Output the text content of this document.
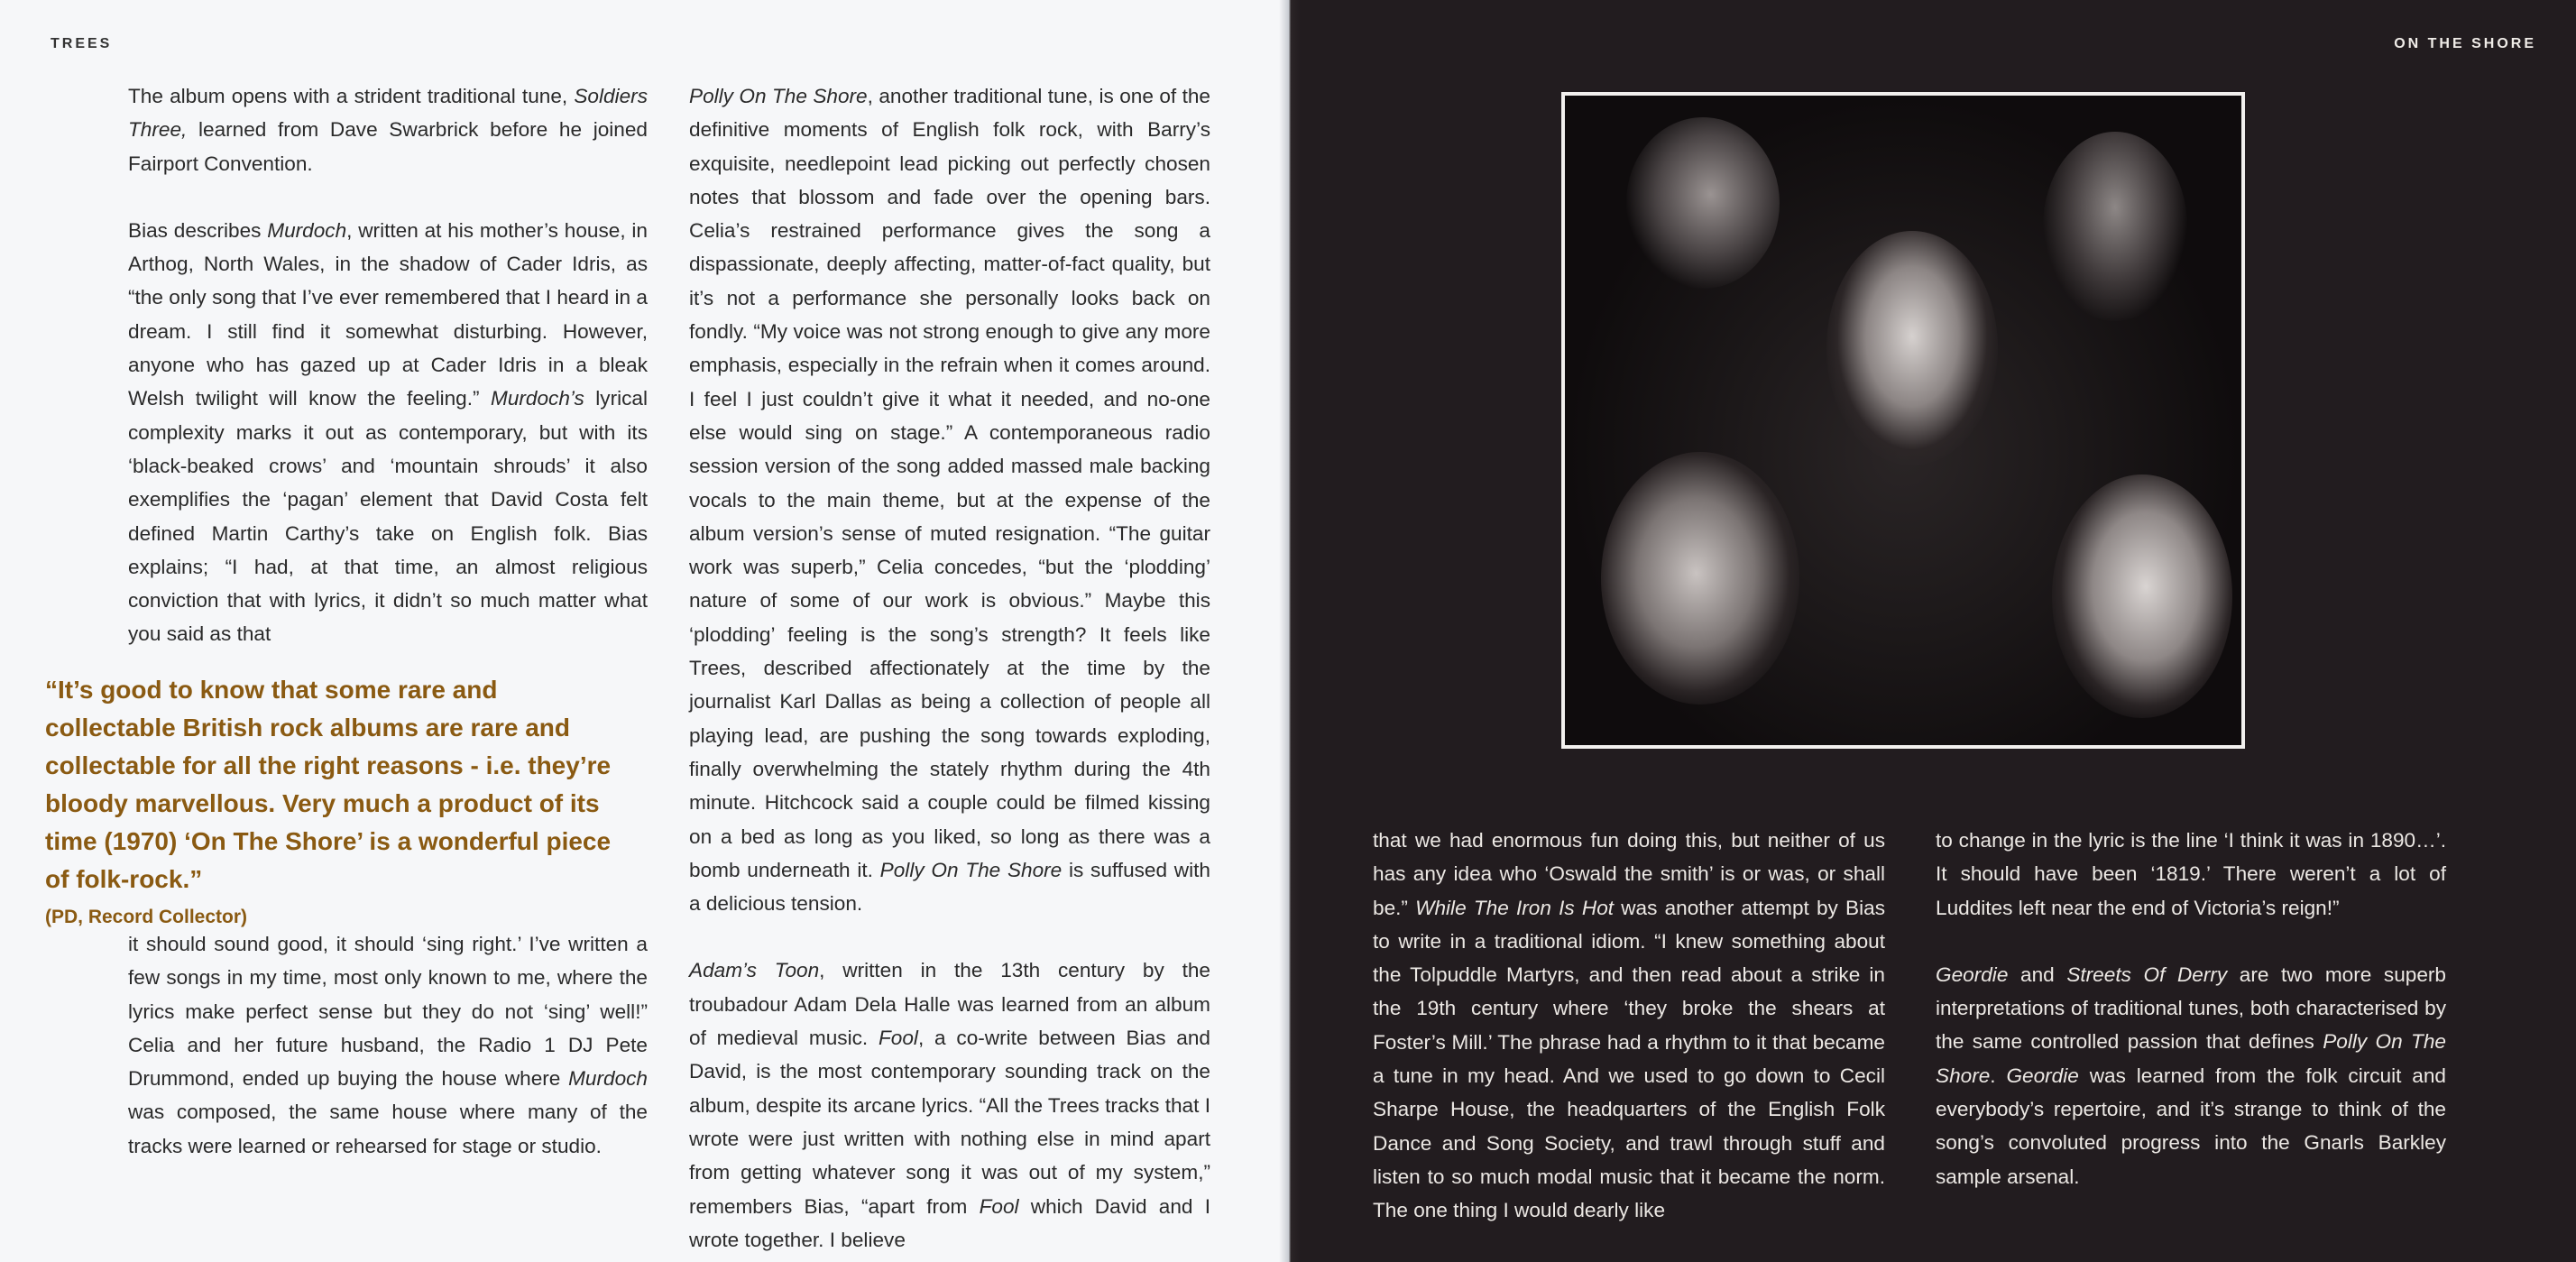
TREES

The album opens with a strident traditional tune, Soldiers Three, learned from Dave Swarbrick before he joined Fairport Convention.

Bias describes Murdoch, written at his mother’s house, in Arthog, North Wales, in the shadow of Cader Idris, as “the only song that I’ve ever remembered that I heard in a dream. I still find it somewhat disturbing. However, anyone who has gazed up at Cader Idris in a bleak Welsh twilight will know the feeling.” Murdoch’s lyrical complexity marks it out as contemporary, but with its ‘black-beaked crows’ and ‘mountain shrouds’ it also exemplifies the ‘pagan’ element that David Costa felt defined Martin Carthy’s take on English folk. Bias explains; “I had, at that time, an almost religious conviction that with lyrics, it didn’t so much matter what you said as that

“It’s good to know that some rare and collectable British rock albums are rare and collectable for all the right reasons - i.e. they’re bloody marvellous. Very much a product of its time (1970) ‘On The Shore’ is a wonderful piece of folk-rock.”

(PD, Record Collector)

it should sound good, it should ‘sing right.’ I’ve written a few songs in my time, most only known to me, where the lyrics make perfect sense but they do not ‘sing’ well!” Celia and her future husband, the Radio 1 DJ Pete Drummond, ended up buying the house where Murdoch was composed, the same house where many of the tracks were learned or rehearsed for stage or studio.

Polly On The Shore, another traditional tune, is one of the definitive moments of English folk rock, with Barry’s exquisite, needlepoint lead picking out perfectly chosen notes that blossom and fade over the opening bars. Celia’s restrained performance gives the song a dispassionate, deeply affecting, matter-of-fact quality, but it’s not a performance she personally looks back on fondly. “My voice was not strong enough to give any more emphasis, especially in the refrain when it comes around. I feel I just couldn’t give it what it needed, and no-one else would sing on stage.” A contemporaneous radio session version of the song added massed male backing vocals to the main theme, but at the expense of the album version’s sense of muted resignation. “The guitar work was superb,” Celia concedes, “but the ‘plodding’ nature of some of our work is obvious.” Maybe this ‘plodding’ feeling is the song’s strength? It feels like Trees, described affectionately at the time by the journalist Karl Dallas as being a collection of people all playing lead, are pushing the song towards exploding, finally overwhelming the stately rhythm during the 4th minute. Hitchcock said a couple could be filmed kissing on a bed as long as you liked, so long as there was a bomb underneath it. Polly On The Shore is suffused with a delicious tension.

Adam’s Toon, written in the 13th century by the troubadour Adam Dela Halle was learned from an album of medieval music. Fool, a co-write between Bias and David, is the most contemporary sounding track on the album, despite its arcane lyrics. “All the Trees tracks that I wrote were just written with nothing else in mind apart from getting whatever song it was out of my system,” remembers Bias, “apart from Fool which David and I wrote together. I believe

ON THE SHORE

that we had enormous fun doing this, but neither of us has any idea who ‘Oswald the smith’ is or was, or shall be.” While The Iron Is Hot was another attempt by Bias to write in a traditional idiom. “I knew something about the Tolpuddle Martyrs, and then read about a strike in the 19th century where ‘they broke the shears at Foster’s Mill.’ The phrase had a rhythm to it that became a tune in my head. And we used to go down to Cecil Sharpe House, the headquarters of the English Folk Dance and Song Society, and trawl through stuff and listen to so much modal music that it became the norm. The one thing I would dearly like

to change in the lyric is the line ‘I think it was in 1890…’. It should have been ‘1819.’ There weren’t a lot of Luddites left near the end of Victoria’s reign!”

Geordie and Streets Of Derry are two more superb interpretations of traditional tunes, both characterised by the same controlled passion that defines Polly On The Shore. Geordie was learned from the folk circuit and everybody’s repertoire, and it’s strange to think of the song’s convoluted progress into the Gnarls Barkley sample arsenal.
